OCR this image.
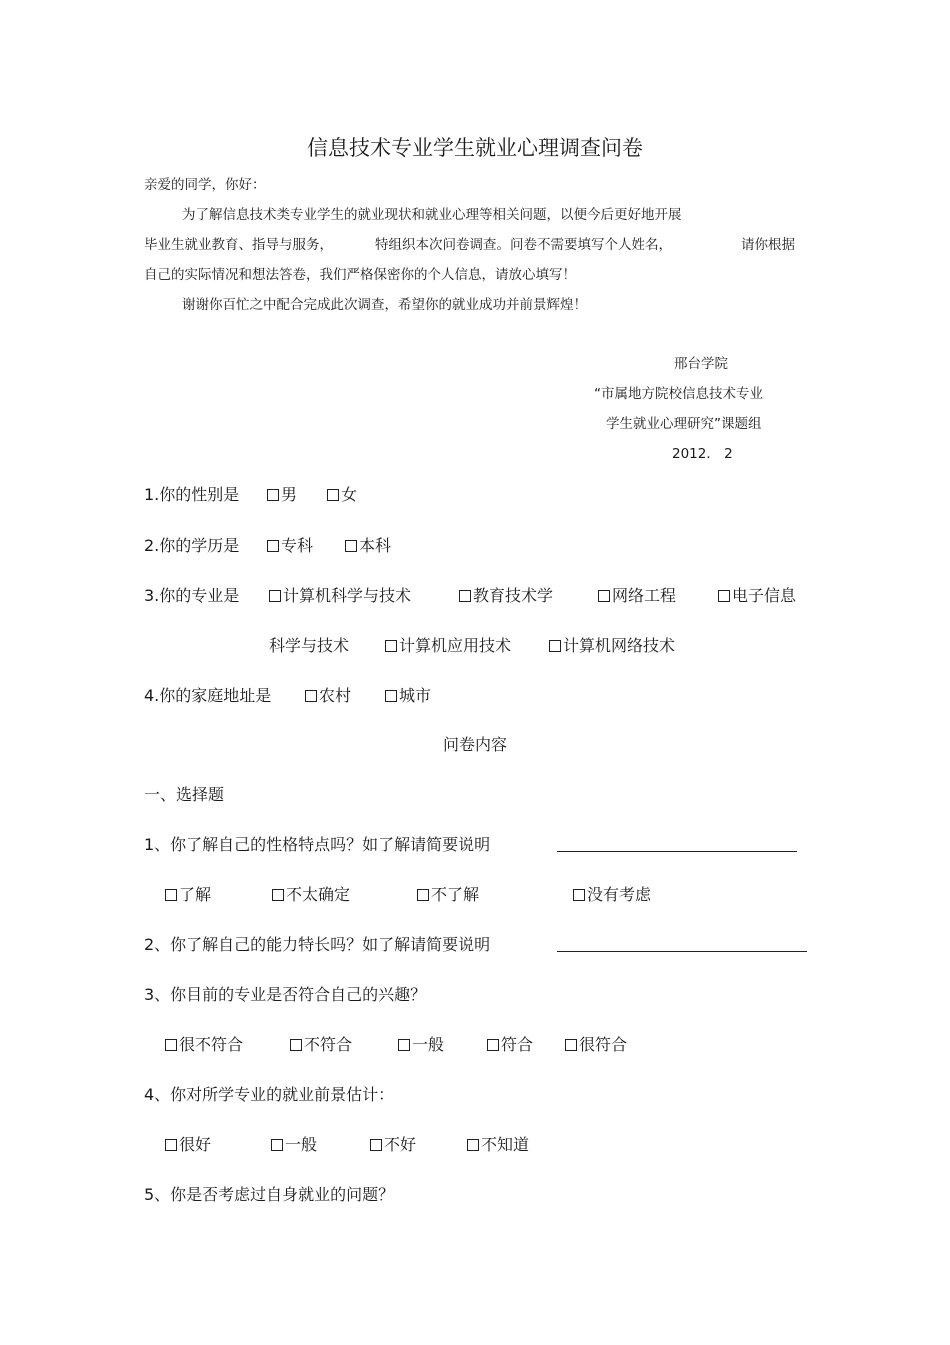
信息技术专业学生就业心理调查问卷
亲爱的同学，你好：
为了解信息技术类专业学生的就业现状和就业心理等相关问题，以便今后更好地开展
毕业生就业教育、指导与服务，	特组织本次问卷调查。问卷不需要填写个人姓名，	请你根据
自己的实际情况和想法答卷，我们严格保密你的个人信息，请放心填写！
谢谢你百忙之中配合完成此次调查，希望你的就业成功并前景辉煌！
邢台学院
“市属地方院校信息技术专业
学生就业心理研究”课题组
2012． 2
1.你的性别是	男	女
2.你的学历是	专科	本科
3.你的专业是	计算机科学与技术	教育技术学	网络工程	电子信息
科学与技术	计算机应用技术	计算机网络技术
4.你的家庭地址是	农村	城市
问卷内容
一、选择题
1、你了解自己的性格特点吗？如了解请简要说明
了解	不太确定	不了解	没有考虑
2、你了解自己的能力特长吗？如了解请简要说明
3、你目前的专业是否符合自己的兴趣？
很不符合	不符合	一般	符合	很符合
4、你对所学专业的就业前景估计：
很好	一般	不好	不知道
5、你是否考虑过自身就业的问题？
